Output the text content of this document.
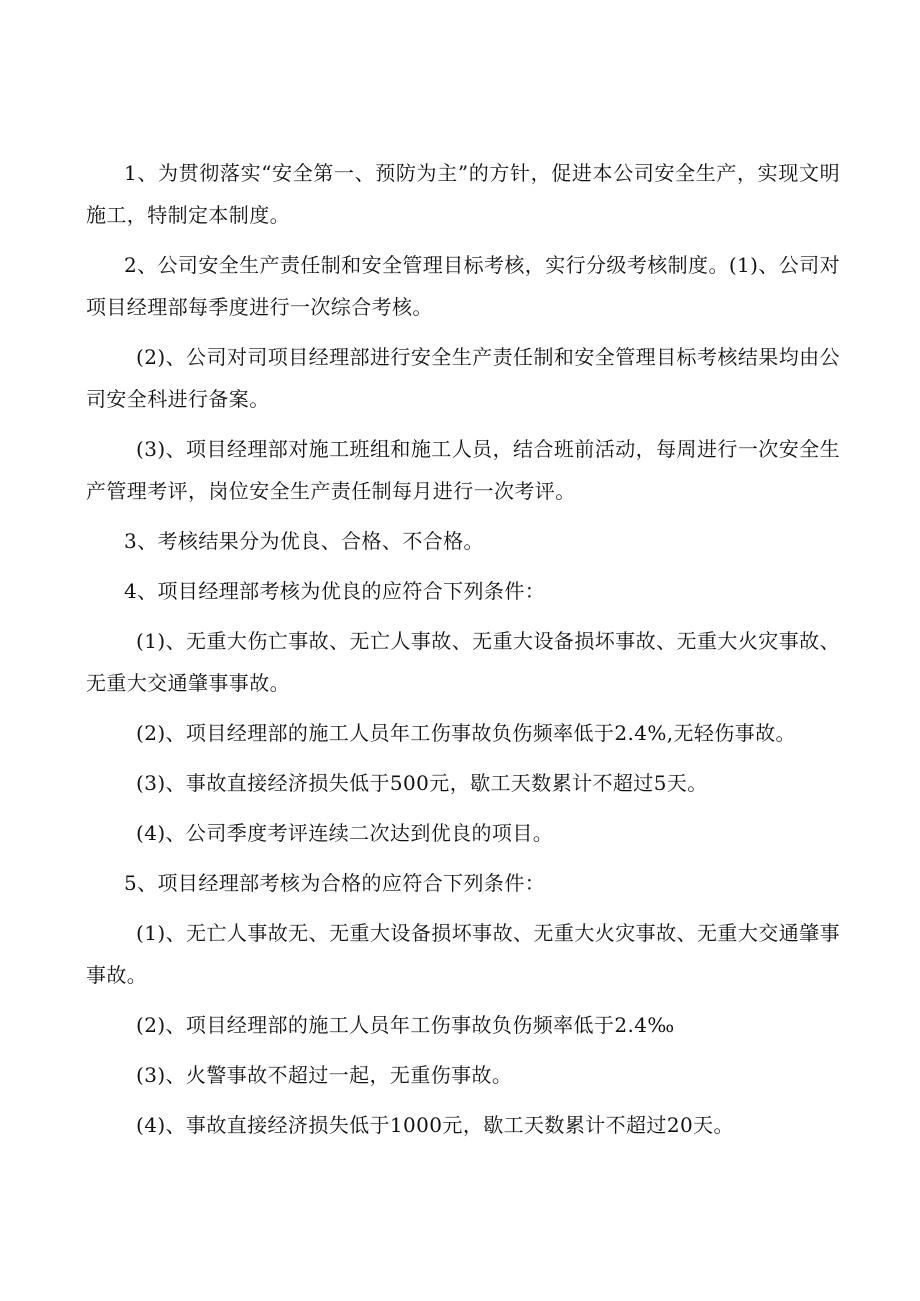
1、为贯彻落实“安全第一、预防为主”的方针，促进本公司安全生产，实现文明施工，特制定本制度。

2、公司安全生产责任制和安全管理目标考核，实行分级考核制度。(1)、公司对项目经理部每季度进行一次综合考核。

(2)、公司对司项目经理部进行安全生产责任制和安全管理目标考核结果均由公司安全科进行备案。

(3)、项目经理部对施工班组和施工人员，结合班前活动，每周进行一次安全生产管理考评，岗位安全生产责任制每月进行一次考评。

3、考核结果分为优良、合格、不合格。

4、项目经理部考核为优良的应符合下列条件：

(1)、无重大伤亡事故、无亡人事故、无重大设备损坏事故、无重大火灾事故、无重大交通肇事事故。

(2)、项目经理部的施工人员年工伤事故负伤频率低于2.4%,无轻伤事故。

(3)、事故直接经济损失低于500元，歇工天数累计不超过5天。

(4)、公司季度考评连续二次达到优良的项目。

5、项目经理部考核为合格的应符合下列条件：

(1)、无亡人事故无、无重大设备损坏事故、无重大火灾事故、无重大交通肇事事故。

(2)、项目经理部的施工人员年工伤事故负伤频率低于2.4‰

(3)、火警事故不超过一起，无重伤事故。

(4)、事故直接经济损失低于1000元，歇工天数累计不超过20天。
